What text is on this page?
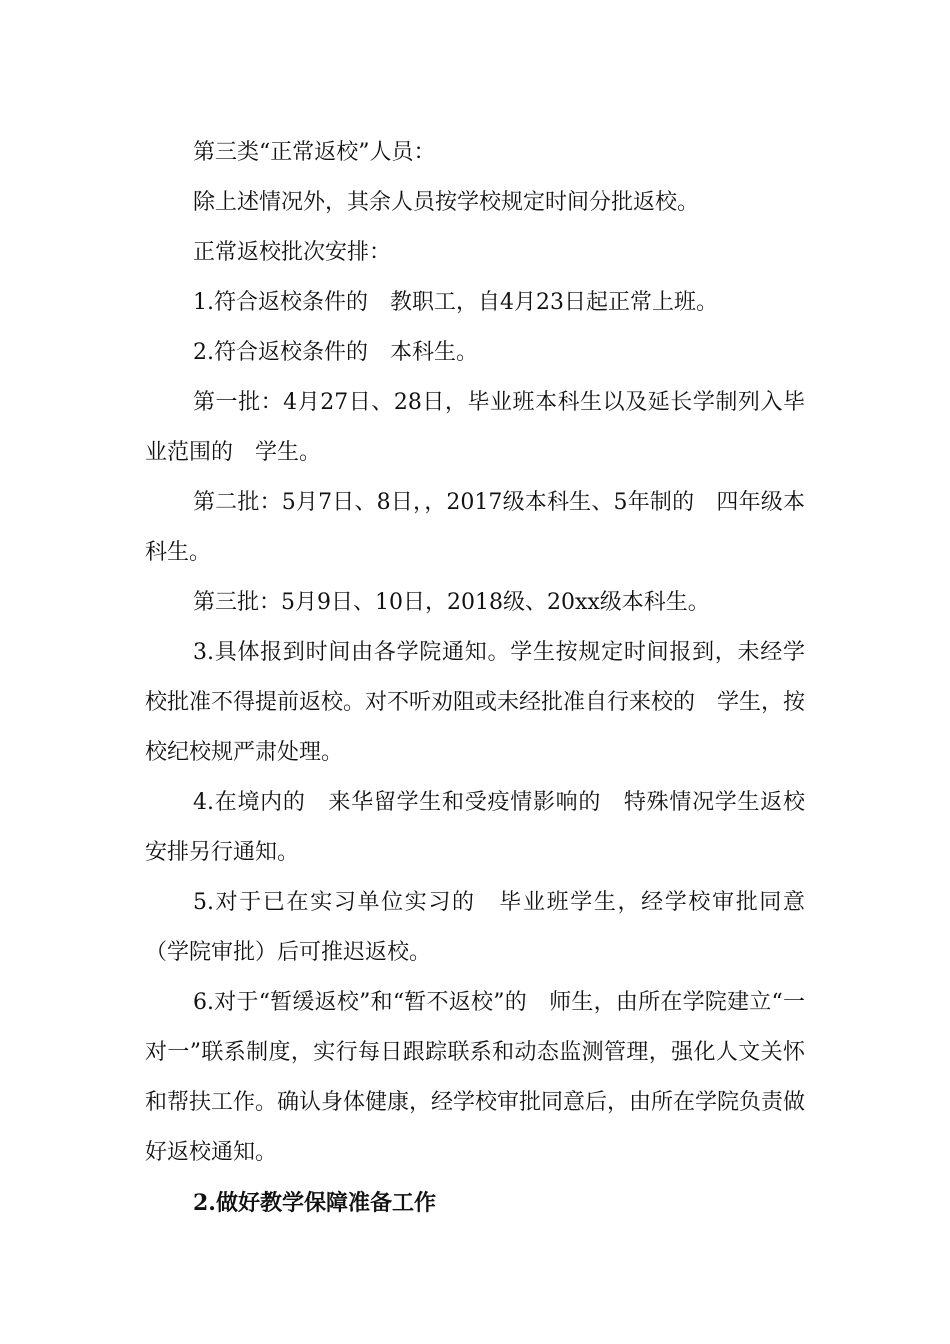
第三类“正常返校”人员：

除上述情况外，其余人员按学校规定时间分批返校。

正常返校批次安排：

1.符合返校条件的　教职工，自4月23日起正常上班。

2.符合返校条件的　本科生。

第一批：4月27日、28日，毕业班本科生以及延长学制列入毕业范围的　学生。

第二批：5月7日、8日，，2017级本科生、5年制的　四年级本科生。

第三批：5月9日、10日，2018级、20xx级本科生。

3.具体报到时间由各学院通知。学生按规定时间报到，未经学校批准不得提前返校。对不听劝阻或未经批准自行来校的　学生，按校纪校规严肃处理。

4.在境内的　来华留学生和受疫情影响的　特殊情况学生返校安排另行通知。

5.对于已在实习单位实习的　毕业班学生，经学校审批同意（学院审批）后可推迟返校。

6.对于“暂缓返校”和“暂不返校”的　师生，由所在学院建立“一对一”联系制度，实行每日跟踪联系和动态监测管理，强化人文关怀和帮扶工作。确认身体健康，经学校审批同意后，由所在学院负责做好返校通知。

2.做好教学保障准备工作
